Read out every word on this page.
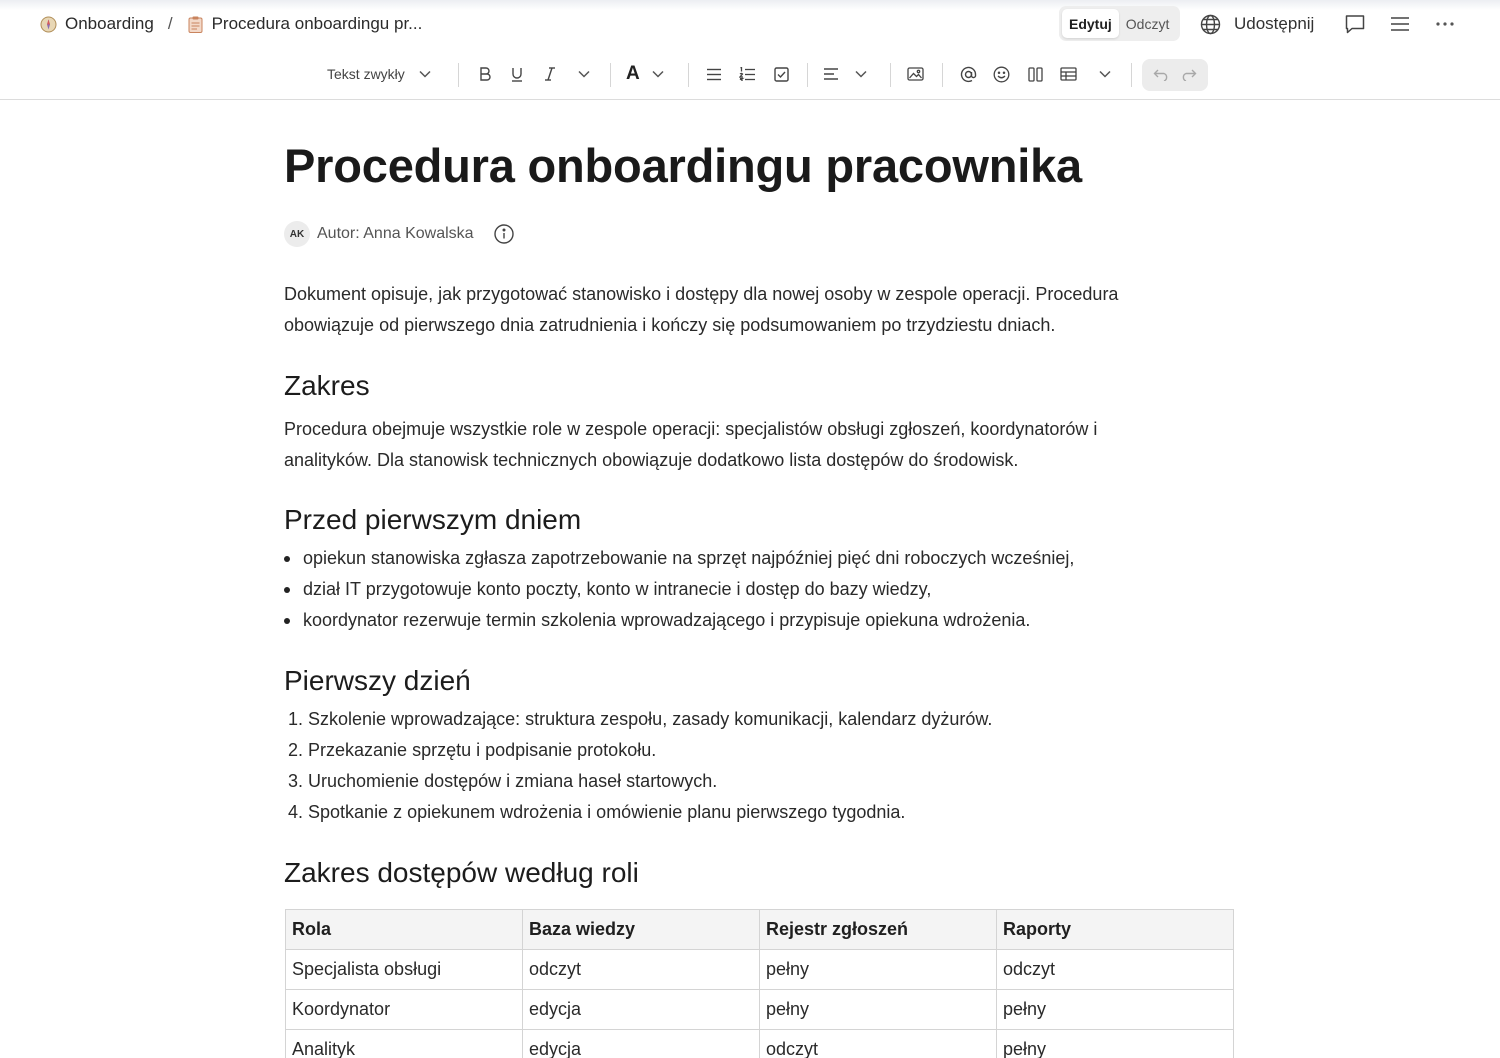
Onboarding / Procedura onboardingu pr...	Edytuj	Odczyt	Udostępnij
Tekst zwykły	A
Procedura onboardingu pracownika
AK Autor: Anna Kowalska

Dokument opisuje, jak przygotować stanowisko i dostępy dla nowej osoby w zespole operacji. Procedura obowiązuje od pierwszego dnia zatrudnienia i kończy się podsumowaniem po trzydziestu dniach.

Zakres

Procedura obejmuje wszystkie role w zespole operacji: specjalistów obsługi zgłoszeń, koordynatorów i analityków. Dla stanowisk technicznych obowiązuje dodatkowo lista dostępów do środowisk.

Przed pierwszym dniem
opiekun stanowiska zgłasza zapotrzebowanie na sprzęt najpóźniej pięć dni roboczych wcześniej,
dział IT przygotowuje konto poczty, konto w intranecie i dostęp do bazy wiedzy,
koordynator rezerwuje termin szkolenia wprowadzającego i przypisuje opiekuna wdrożenia.
Pierwszy dzień
1. Szkolenie wprowadzające: struktura zespołu, zasady komunikacji, kalendarz dyżurów.
2. Przekazanie sprzętu i podpisanie protokołu.
3. Uruchomienie dostępów i zmiana haseł startowych.
4. Spotkanie z opiekunem wdrożenia i omówienie planu pierwszego tygodnia.
Zakres dostępów według roli
Rola	Baza wiedzy	Rejestr zgłoszeń	Raporty
Specjalista obsługi	odczyt	pełny	odczyt
Koordynator	edycja	pełny	pełny
Analityk	edycja	odczyt	pełny
